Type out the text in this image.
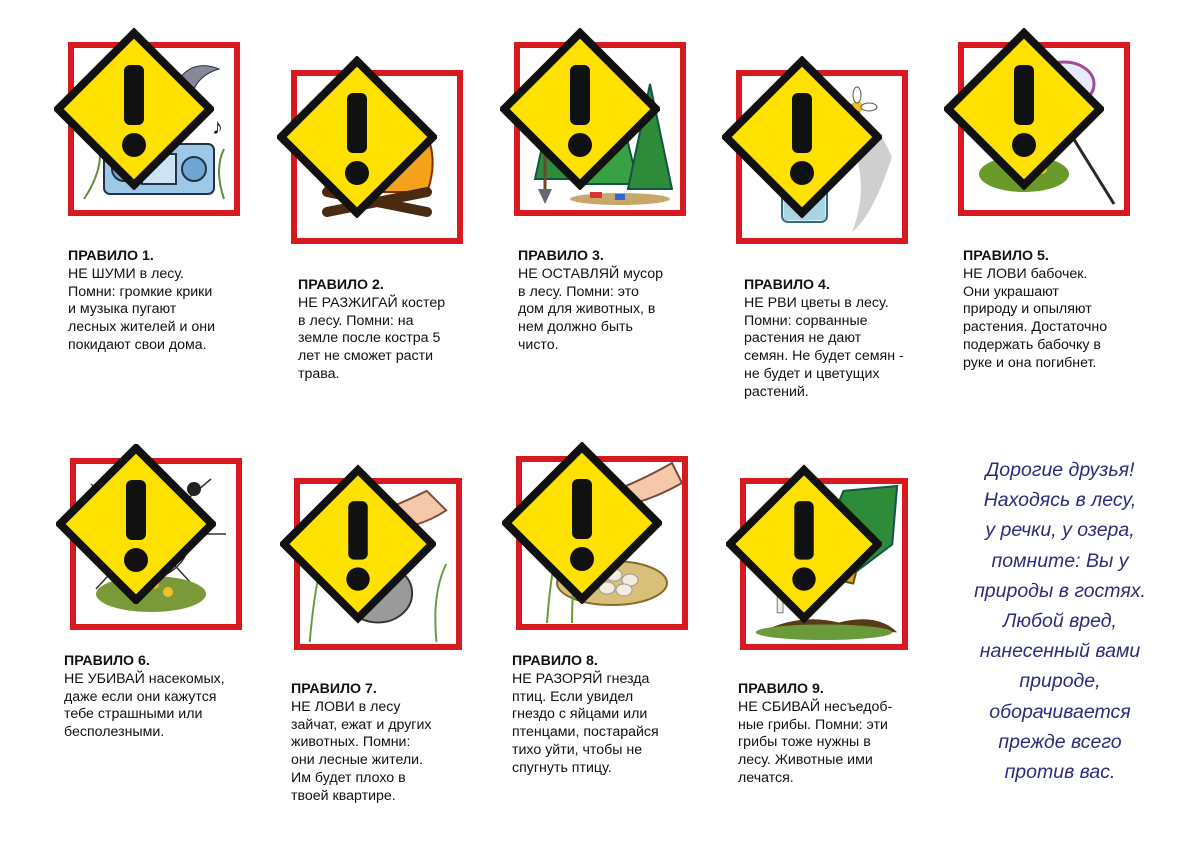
♪
ПРАВИЛО 1.
НЕ ШУМИ в лесу.
Помни: громкие крики
и музыка пугают
лесных жителей и они
покидают свои дома.
ПРАВИЛО 2.
НЕ РАЗЖИГАЙ костер
в лесу. Помни: на
земле после костра 5
лет не сможет расти
трава.
ПРАВИЛО 3.
НЕ ОСТАВЛЯЙ мусор
в лесу. Помни: это
дом для животных, в
нем должно быть
чисто.
ПРАВИЛО 4.
НЕ РВИ цветы в лесу.
Помни: сорванные
растения не дают
семян. Не будет семян -
не будет и цветущих
растений.
ПРАВИЛО 5.
НЕ ЛОВИ бабочек.
Они украшают
природу и опыляют
растения. Достаточно
подержать бабочку в
руке и она погибнет.
ПРАВИЛО 6.
НЕ УБИВАЙ насекомых,
даже если они кажутся
тебе страшными или
бесполезными.
ПРАВИЛО 7.
НЕ ЛОВИ в лесу
зайчат, ежат и других
животных. Помни:
они лесные жители.
Им будет плохо в
твоей квартире.
ПРАВИЛО 8.
НЕ РАЗОРЯЙ гнезда
птиц. Если увидел
гнездо с яйцами или
птенцами, постарайся
тихо уйти, чтобы не
спугнуть птицу.
ПРАВИЛО 9.
НЕ СБИВАЙ несъедоб-
ные грибы. Помни: эти
грибы тоже нужны в
лесу. Животные ими
лечатся.
Дорогие друзья!
Находясь в лесу,
у речки, у озера,
помните: Вы у
природы в гостях.
Любой вред,
нанесенный вами
природе,
оборачивается
прежде всего
против вас.
